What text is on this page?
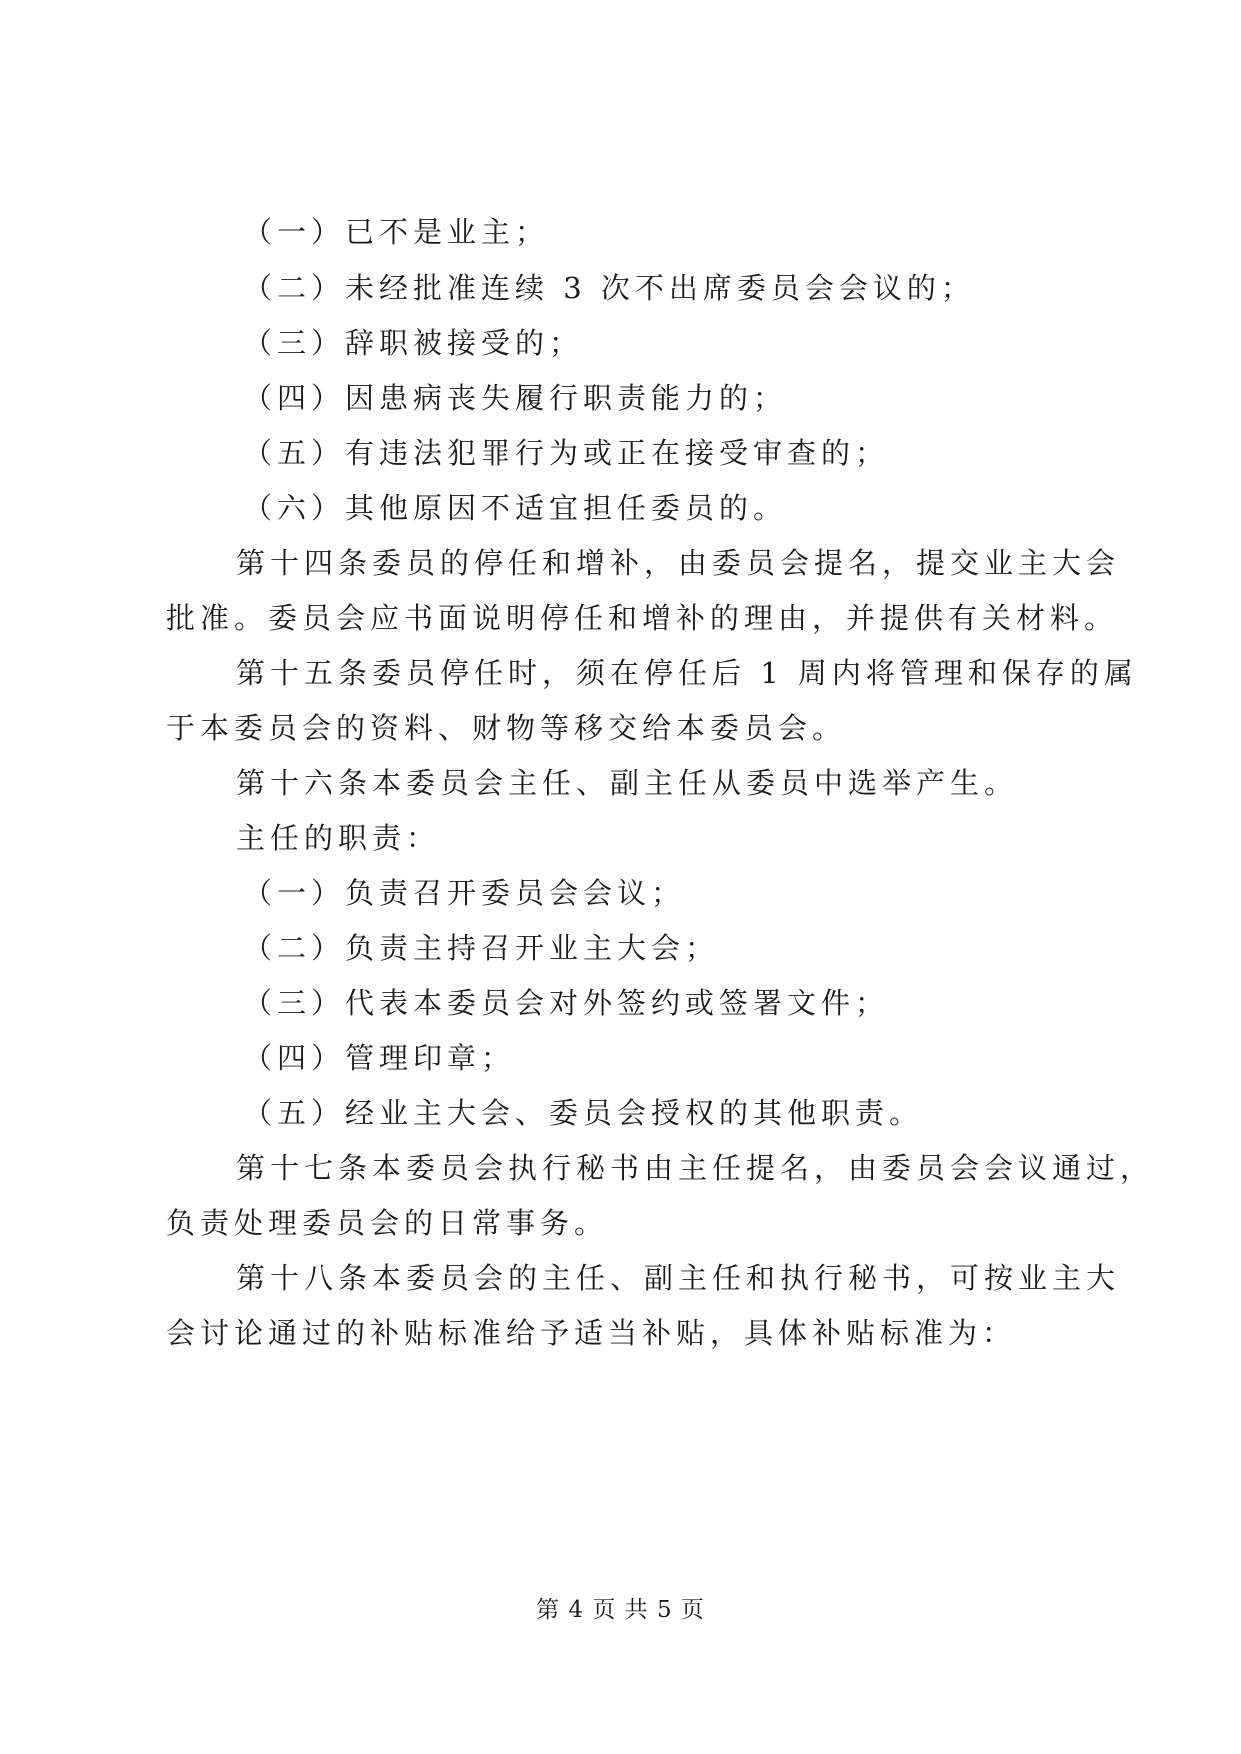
（一）已不是业主；
（二）未经批准连续 3 次不出席委员会会议的；
（三）辞职被接受的；
（四）因患病丧失履行职责能力的；
（五）有违法犯罪行为或正在接受审查的；
（六）其他原因不适宜担任委员的。
第十四条委员的停任和增补，由委员会提名，提交业主大会
批准。委员会应书面说明停任和增补的理由，并提供有关材料。
第十五条委员停任时，须在停任后 1 周内将管理和保存的属
于本委员会的资料、财物等移交给本委员会。
第十六条本委员会主任、副主任从委员中选举产生。
主任的职责：
（一）负责召开委员会会议；
（二）负责主持召开业主大会；
（三）代表本委员会对外签约或签署文件；
（四）管理印章；
（五）经业主大会、委员会授权的其他职责。
第十七条本委员会执行秘书由主任提名，由委员会会议通过，
负责处理委员会的日常事务。
第十八条本委员会的主任、副主任和执行秘书，可按业主大
会讨论通过的补贴标准给予适当补贴，具体补贴标准为：
第 4 页 共 5 页
